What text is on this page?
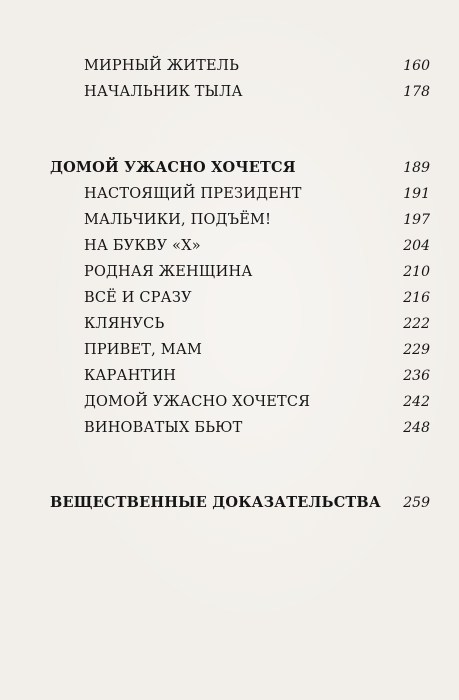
МИРНЫЙ ЖИТЕЛЬ	160
НАЧАЛЬНИК ТЫЛА	178
ДОМОЙ УЖАСНО ХОЧЕТСЯ	189
НАСТОЯЩИЙ ПРЕЗИДЕНТ	191
МАЛЬЧИКИ, ПОДЪЁМ!	197
НА БУКВУ «Х»	204
РОДНАЯ ЖЕНЩИНА	210
ВСЁ И СРАЗУ	216
КЛЯНУСЬ	222
ПРИВЕТ, МАМ	229
КАРАНТИН	236
ДОМОЙ УЖАСНО ХОЧЕТСЯ	242
ВИНОВАТЫХ БЬЮТ	248
ВЕЩЕСТВЕННЫЕ ДОКАЗАТЕЛЬСТВА 259
